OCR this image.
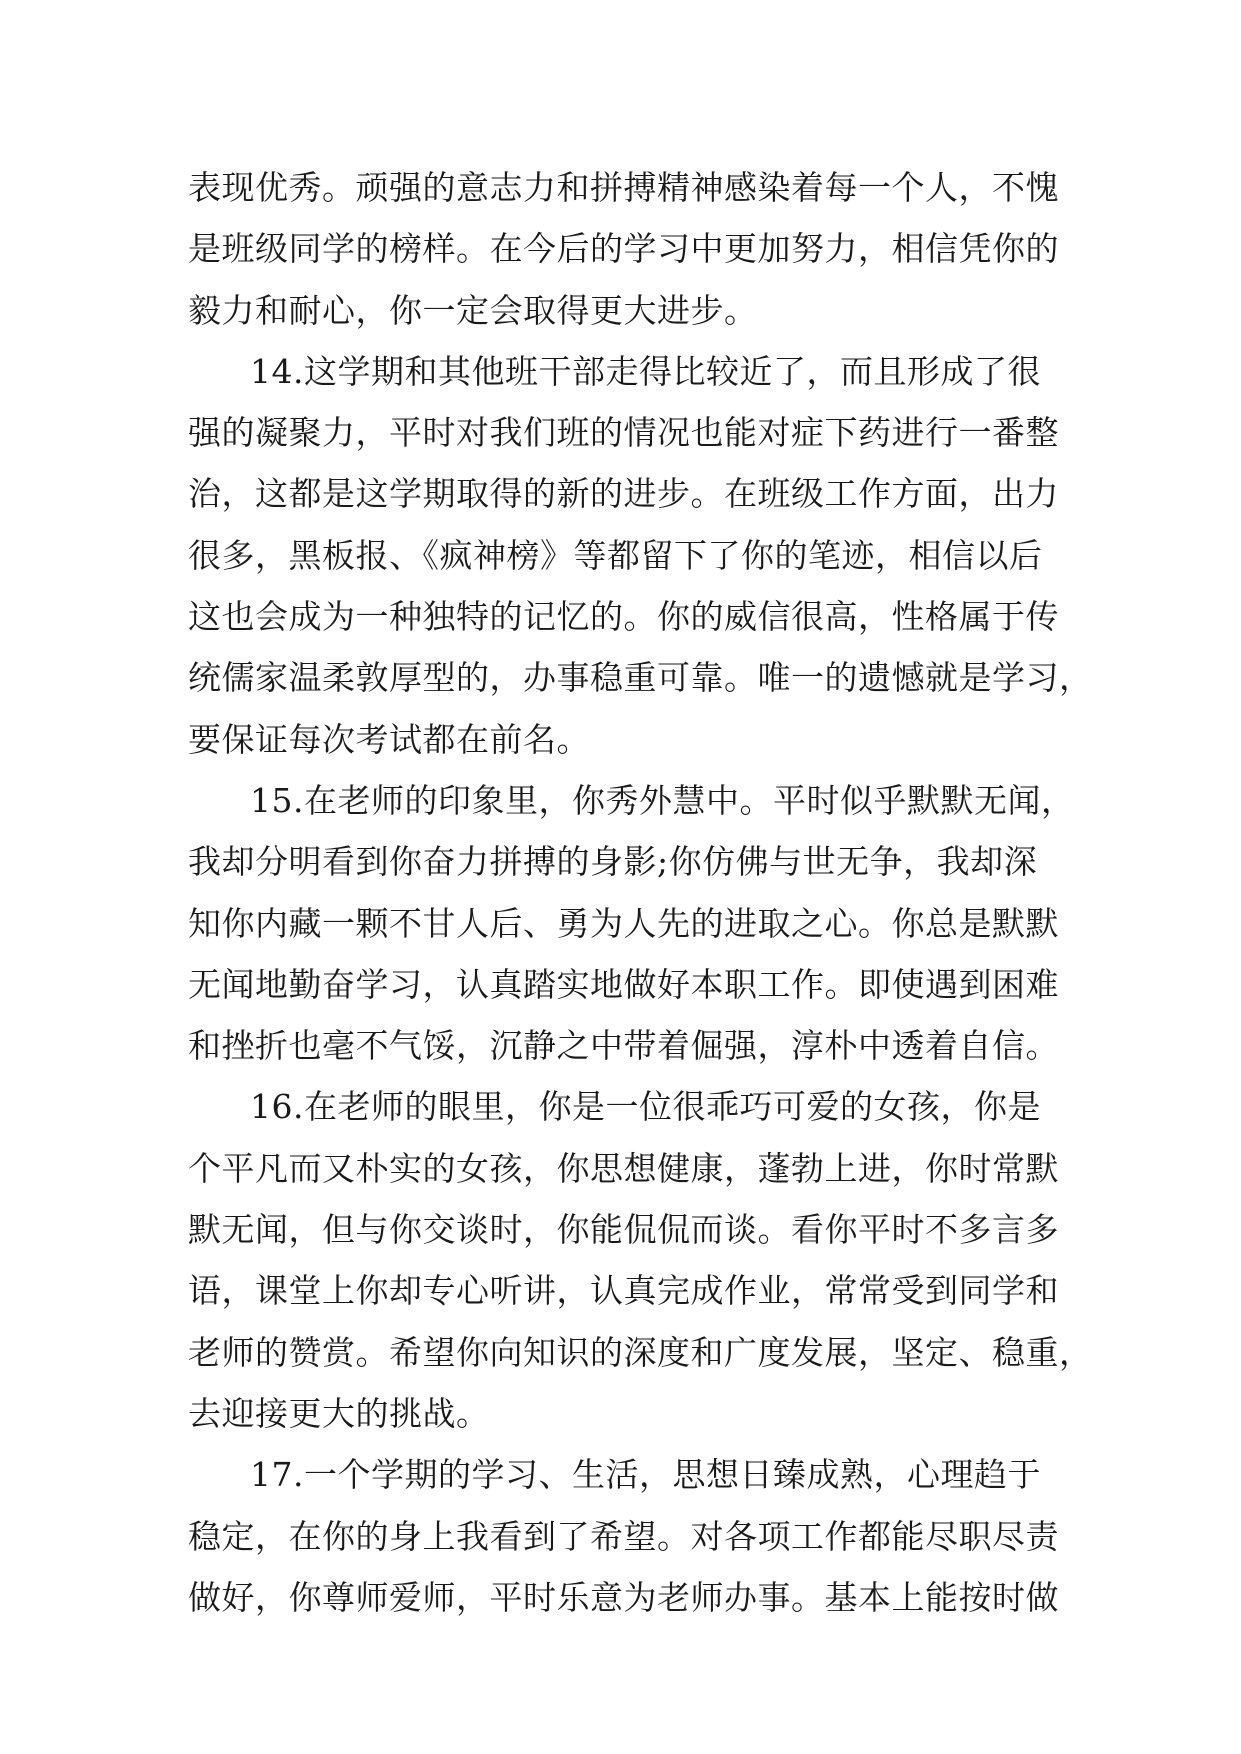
表现优秀。顽强的意志力和拼搏精神感染着每一个人，不愧
是班级同学的榜样。在今后的学习中更加努力，相信凭你的
毅力和耐心，你一定会取得更大进步。
14.这学期和其他班干部走得比较近了，而且形成了很
强的凝聚力，平时对我们班的情况也能对症下药进行一番整
治，这都是这学期取得的新的进步。在班级工作方面，出力
很多，黑板报、《疯神榜》等都留下了你的笔迹，相信以后
这也会成为一种独特的记忆的。你的威信很高，性格属于传
统儒家温柔敦厚型的，办事稳重可靠。唯一的遗憾就是学习，
要保证每次考试都在前名。
15.在老师的印象里，你秀外慧中。平时似乎默默无闻，
我却分明看到你奋力拼搏的身影;你仿佛与世无争，我却深
知你内藏一颗不甘人后、勇为人先的进取之心。你总是默默
无闻地勤奋学习，认真踏实地做好本职工作。即使遇到困难
和挫折也毫不气馁，沉静之中带着倔强，淳朴中透着自信。
16.在老师的眼里，你是一位很乖巧可爱的女孩，你是
个平凡而又朴实的女孩，你思想健康，蓬勃上进，你时常默
默无闻，但与你交谈时，你能侃侃而谈。看你平时不多言多
语，课堂上你却专心听讲，认真完成作业，常常受到同学和
老师的赞赏。希望你向知识的深度和广度发展，坚定、稳重，
去迎接更大的挑战。
17.一个学期的学习、生活，思想日臻成熟，心理趋于
稳定，在你的身上我看到了希望。对各项工作都能尽职尽责
做好，你尊师爱师，平时乐意为老师办事。基本上能按时做
